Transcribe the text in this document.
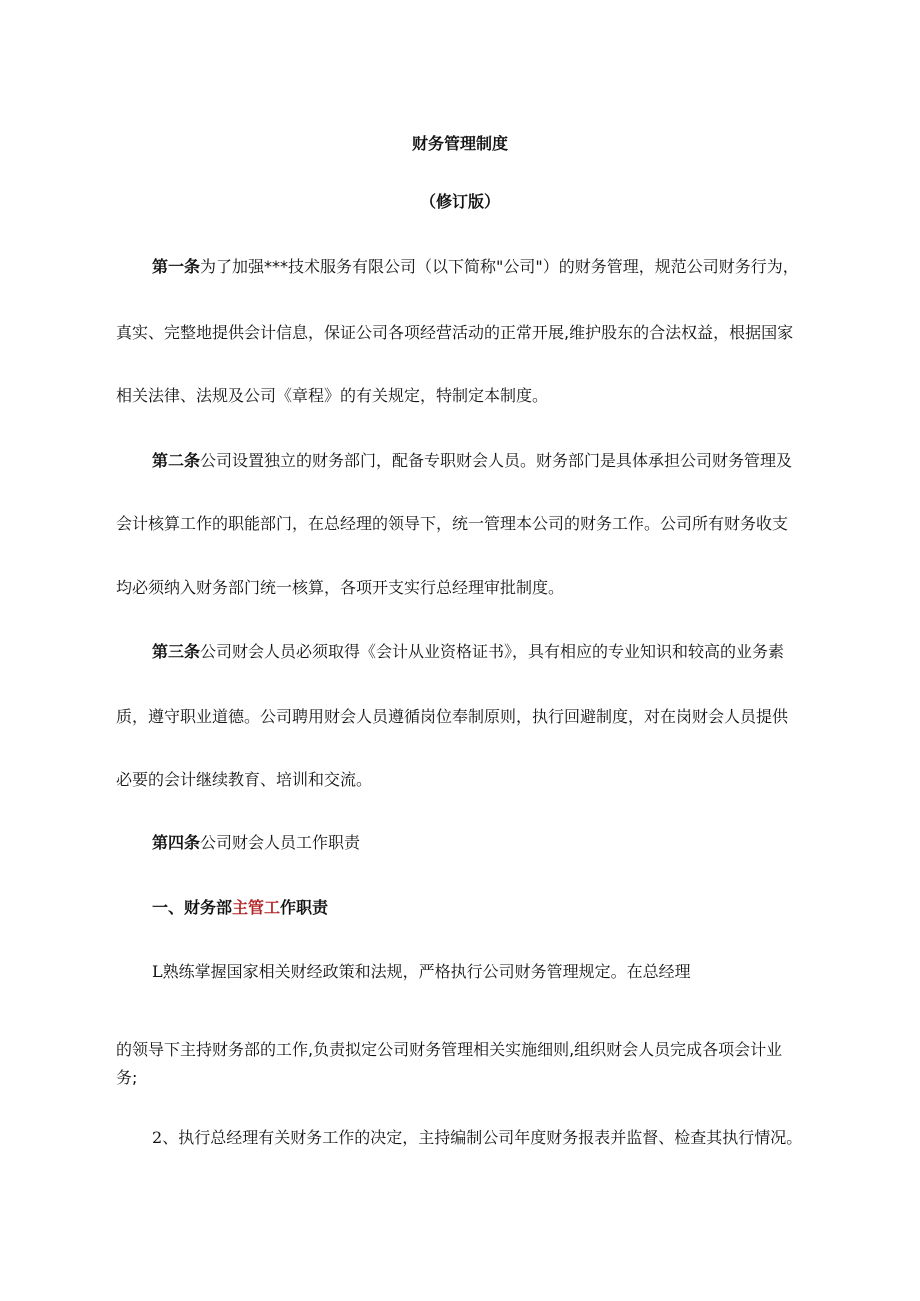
财务管理制度
（修订版）
第一条为了加强***技术服务有限公司（以下简称"公司"）的财务管理，规范公司财务行为，
真实、完整地提供会计信息，保证公司各项经营活动的正常开展,维护股东的合法权益，根据国家
相关法律、法规及公司《章程》的有关规定，特制定本制度。
第二条公司设置独立的财务部门，配备专职财会人员。财务部门是具体承担公司财务管理及
会计核算工作的职能部门，在总经理的领导下，统一管理本公司的财务工作。公司所有财务收支
均必须纳入财务部门统一核算，各项开支实行总经理审批制度。
第三条公司财会人员必须取得《会计从业资格证书》，具有相应的专业知识和较高的业务素
质，遵守职业道德。公司聘用财会人员遵循岗位奉制原则，执行回避制度，对在岗财会人员提供
必要的会计继续教育、培训和交流。
第四条公司财会人员工作职责
一、财务部主管工作职责
L熟练掌握国家相关财经政策和法规，严格执行公司财务管理规定。在总经理
的领导下主持财务部的工作,负责拟定公司财务管理相关实施细则,组织财会人员完成各项会计业
务;
2、执行总经理有关财务工作的决定，主持编制公司年度财务报表并监督、检查其执行情况。
